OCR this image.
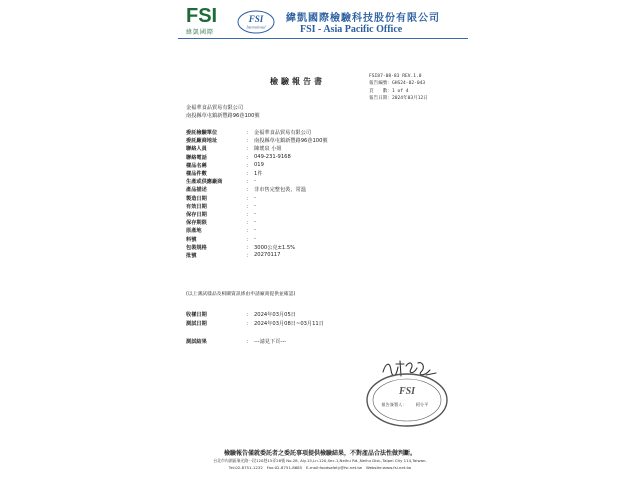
FSI
緯凱國際
FSI
International
緯凱國際檢驗科技股份有限公司
FSI - Asia Pacific Office
檢驗報告書
FSI87-08-83 REV.1.0
報告編號：GHS24-02-043
頁　　數：1 of 4
報告日期：2024年03月12日
金福華食品貿易有限公司
南投縣草屯鎮新豐路96巷100號
委託檢驗單位	： 金福華食品貿易有限公司
委託廠商地址	： 南投縣草屯鎮新豐路96巷100號
聯絡人員	： 陳瑤泉 小姐
聯絡電話	： 049-231-9168
樣品名稱	： 019
樣品件數	： 1件
生產或供應廠商	： -
產品描述	： 非市售完整包裝，常溫
製造日期	： -
有效日期	： -
保存日期	： -
保存期限	： -
原產地	： -
料號	： -
包裝規格	： 3000公克±1.5%
批號	： 20270117
(以上測試樣品及相關資訊係由申請廠商提供並確認)
收樣日期	： 2024年03月05日
測試日期	： 2024年03月08日~03月11日
測試結果	： ---請見下頁---
FSI
報告簽署人： 阿分平
檢驗報告僅就委託者之委託事項提供檢驗結果，不對產品合法性做判斷。
台北市內湖區瑞光路一段120巷15弄28號 No.28, Aly.15,Ln.120,Sec.1,Neihu Rd.,Neihu Dist.,Taipei City 114,Taiwan.
Tel:02-8751-1232　Fax:02-8751-8685　E-mail:foodsafety@fsi.net.tw　Website:www.fsi.net.tw
